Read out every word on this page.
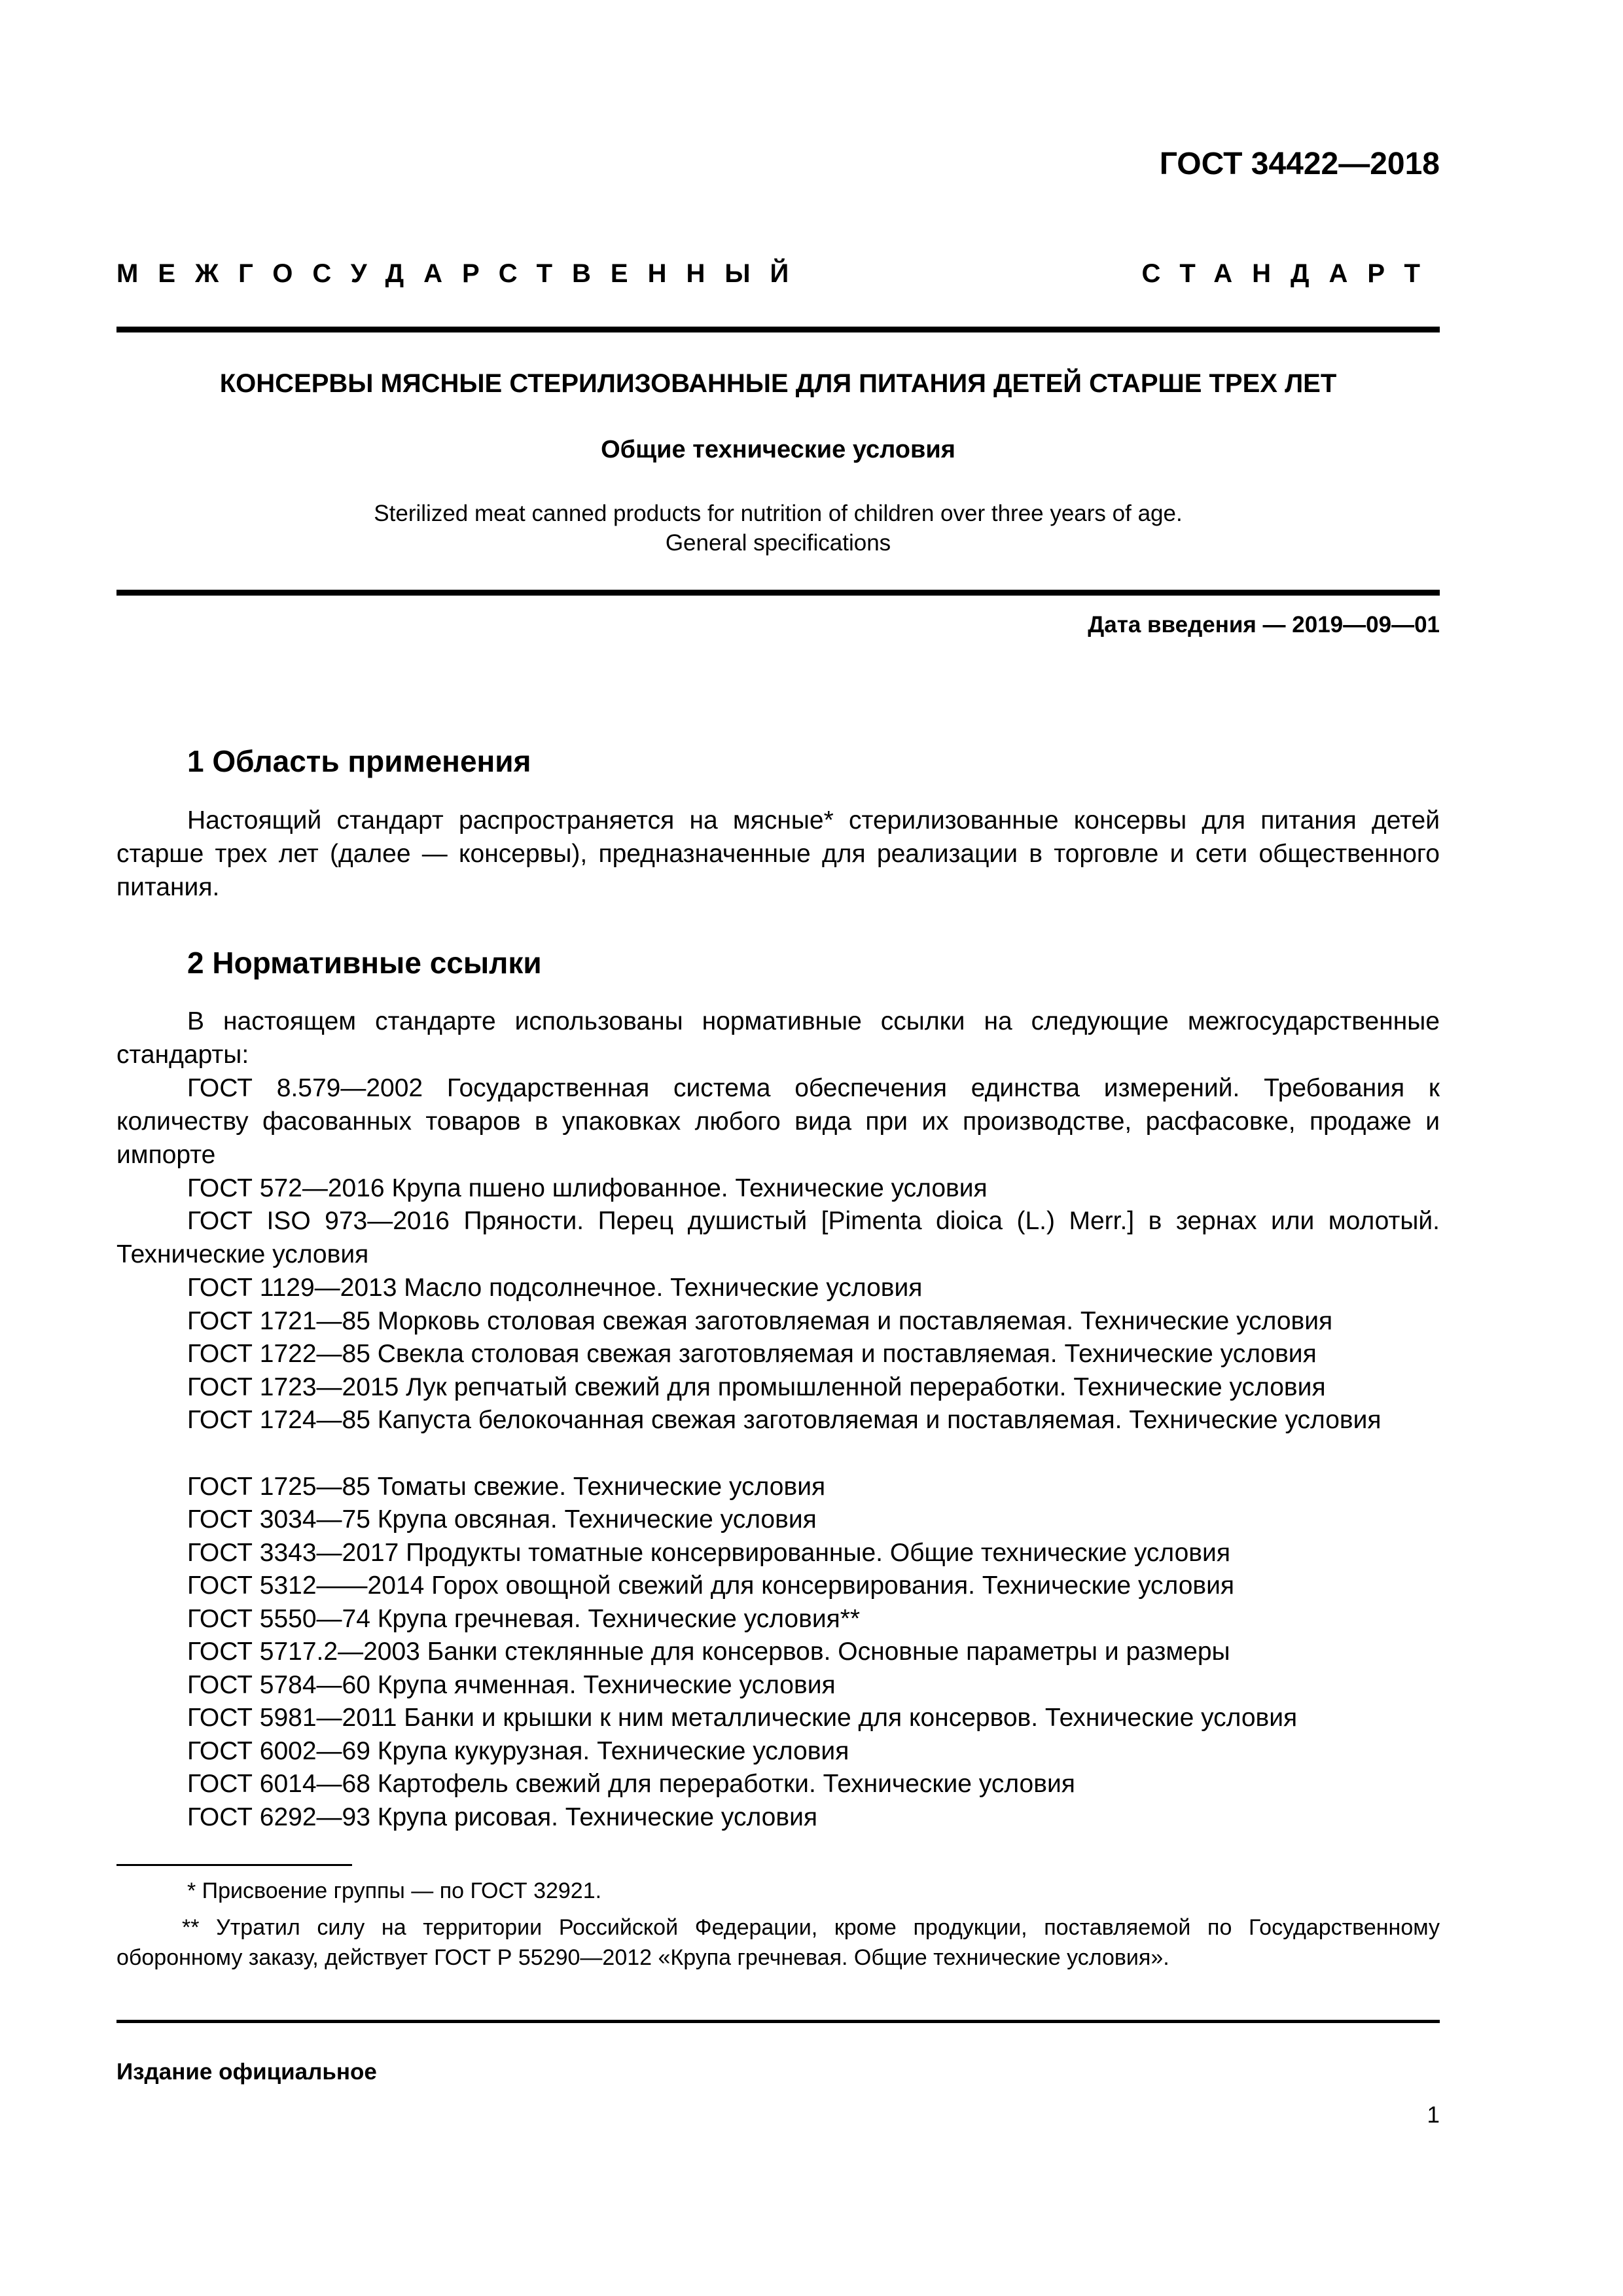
ГОСТ 34422—2018
МЕЖГОСУДАРСТВЕННЫЙ СТАНДАРТ
КОНСЕРВЫ МЯСНЫЕ СТЕРИЛИЗОВАННЫЕ ДЛЯ ПИТАНИЯ ДЕТЕЙ СТАРШЕ ТРЕХ ЛЕТ
Общие технические условия
Sterilized meat canned products for nutrition of children over three years of age.
General specifications
Дата введения — 2019—09—01
1 Область применения
Настоящий стандарт распространяется на мясные* стерилизованные консервы для питания детей старше трех лет (далее — консервы), предназначенные для реализации в торговле и сети общественного питания.
2 Нормативные ссылки
В настоящем стандарте использованы нормативные ссылки на следующие межгосударственные стандарты:
ГОСТ 8.579—2002 Государственная система обеспечения единства измерений. Требования к количеству фасованных товаров в упаковках любого вида при их производстве, расфасовке, продаже и импорте
ГОСТ 572—2016 Крупа пшено шлифованное. Технические условия
ГОСТ ISO 973—2016 Пряности. Перец душистый [Pimenta dioica (L.) Merr.] в зернах или молотый. Технические условия
ГОСТ 1129—2013 Масло подсолнечное. Технические условия
ГОСТ 1721—85 Морковь столовая свежая заготовляемая и поставляемая. Технические условия
ГОСТ 1722—85 Свекла столовая свежая заготовляемая и поставляемая. Технические условия
ГОСТ 1723—2015 Лук репчатый свежий для промышленной переработки. Технические условия
ГОСТ 1724—85 Капуста белокочанная свежая заготовляемая и поставляемая. Технические условия
ГОСТ 1725—85 Томаты свежие. Технические условия
ГОСТ 3034—75 Крупа овсяная. Технические условия
ГОСТ 3343—2017 Продукты томатные консервированные. Общие технические условия
ГОСТ 5312——2014 Горох овощной свежий для консервирования. Технические условия
ГОСТ 5550—74 Крупа гречневая. Технические условия**
ГОСТ 5717.2—2003 Банки стеклянные для консервов. Основные параметры и размеры
ГОСТ 5784—60 Крупа ячменная. Технические условия
ГОСТ 5981—2011 Банки и крышки к ним металлические для консервов. Технические условия
ГОСТ 6002—69 Крупа кукурузная. Технические условия
ГОСТ 6014—68 Картофель свежий для переработки. Технические условия
ГОСТ 6292—93 Крупа рисовая. Технические условия
* Присвоение группы — по ГОСТ 32921.
** Утратил силу на территории Российской Федерации, кроме продукции, поставляемой по Государственному оборонному заказу, действует ГОСТ Р 55290—2012 «Крупа гречневая. Общие технические условия».
Издание официальное
1
